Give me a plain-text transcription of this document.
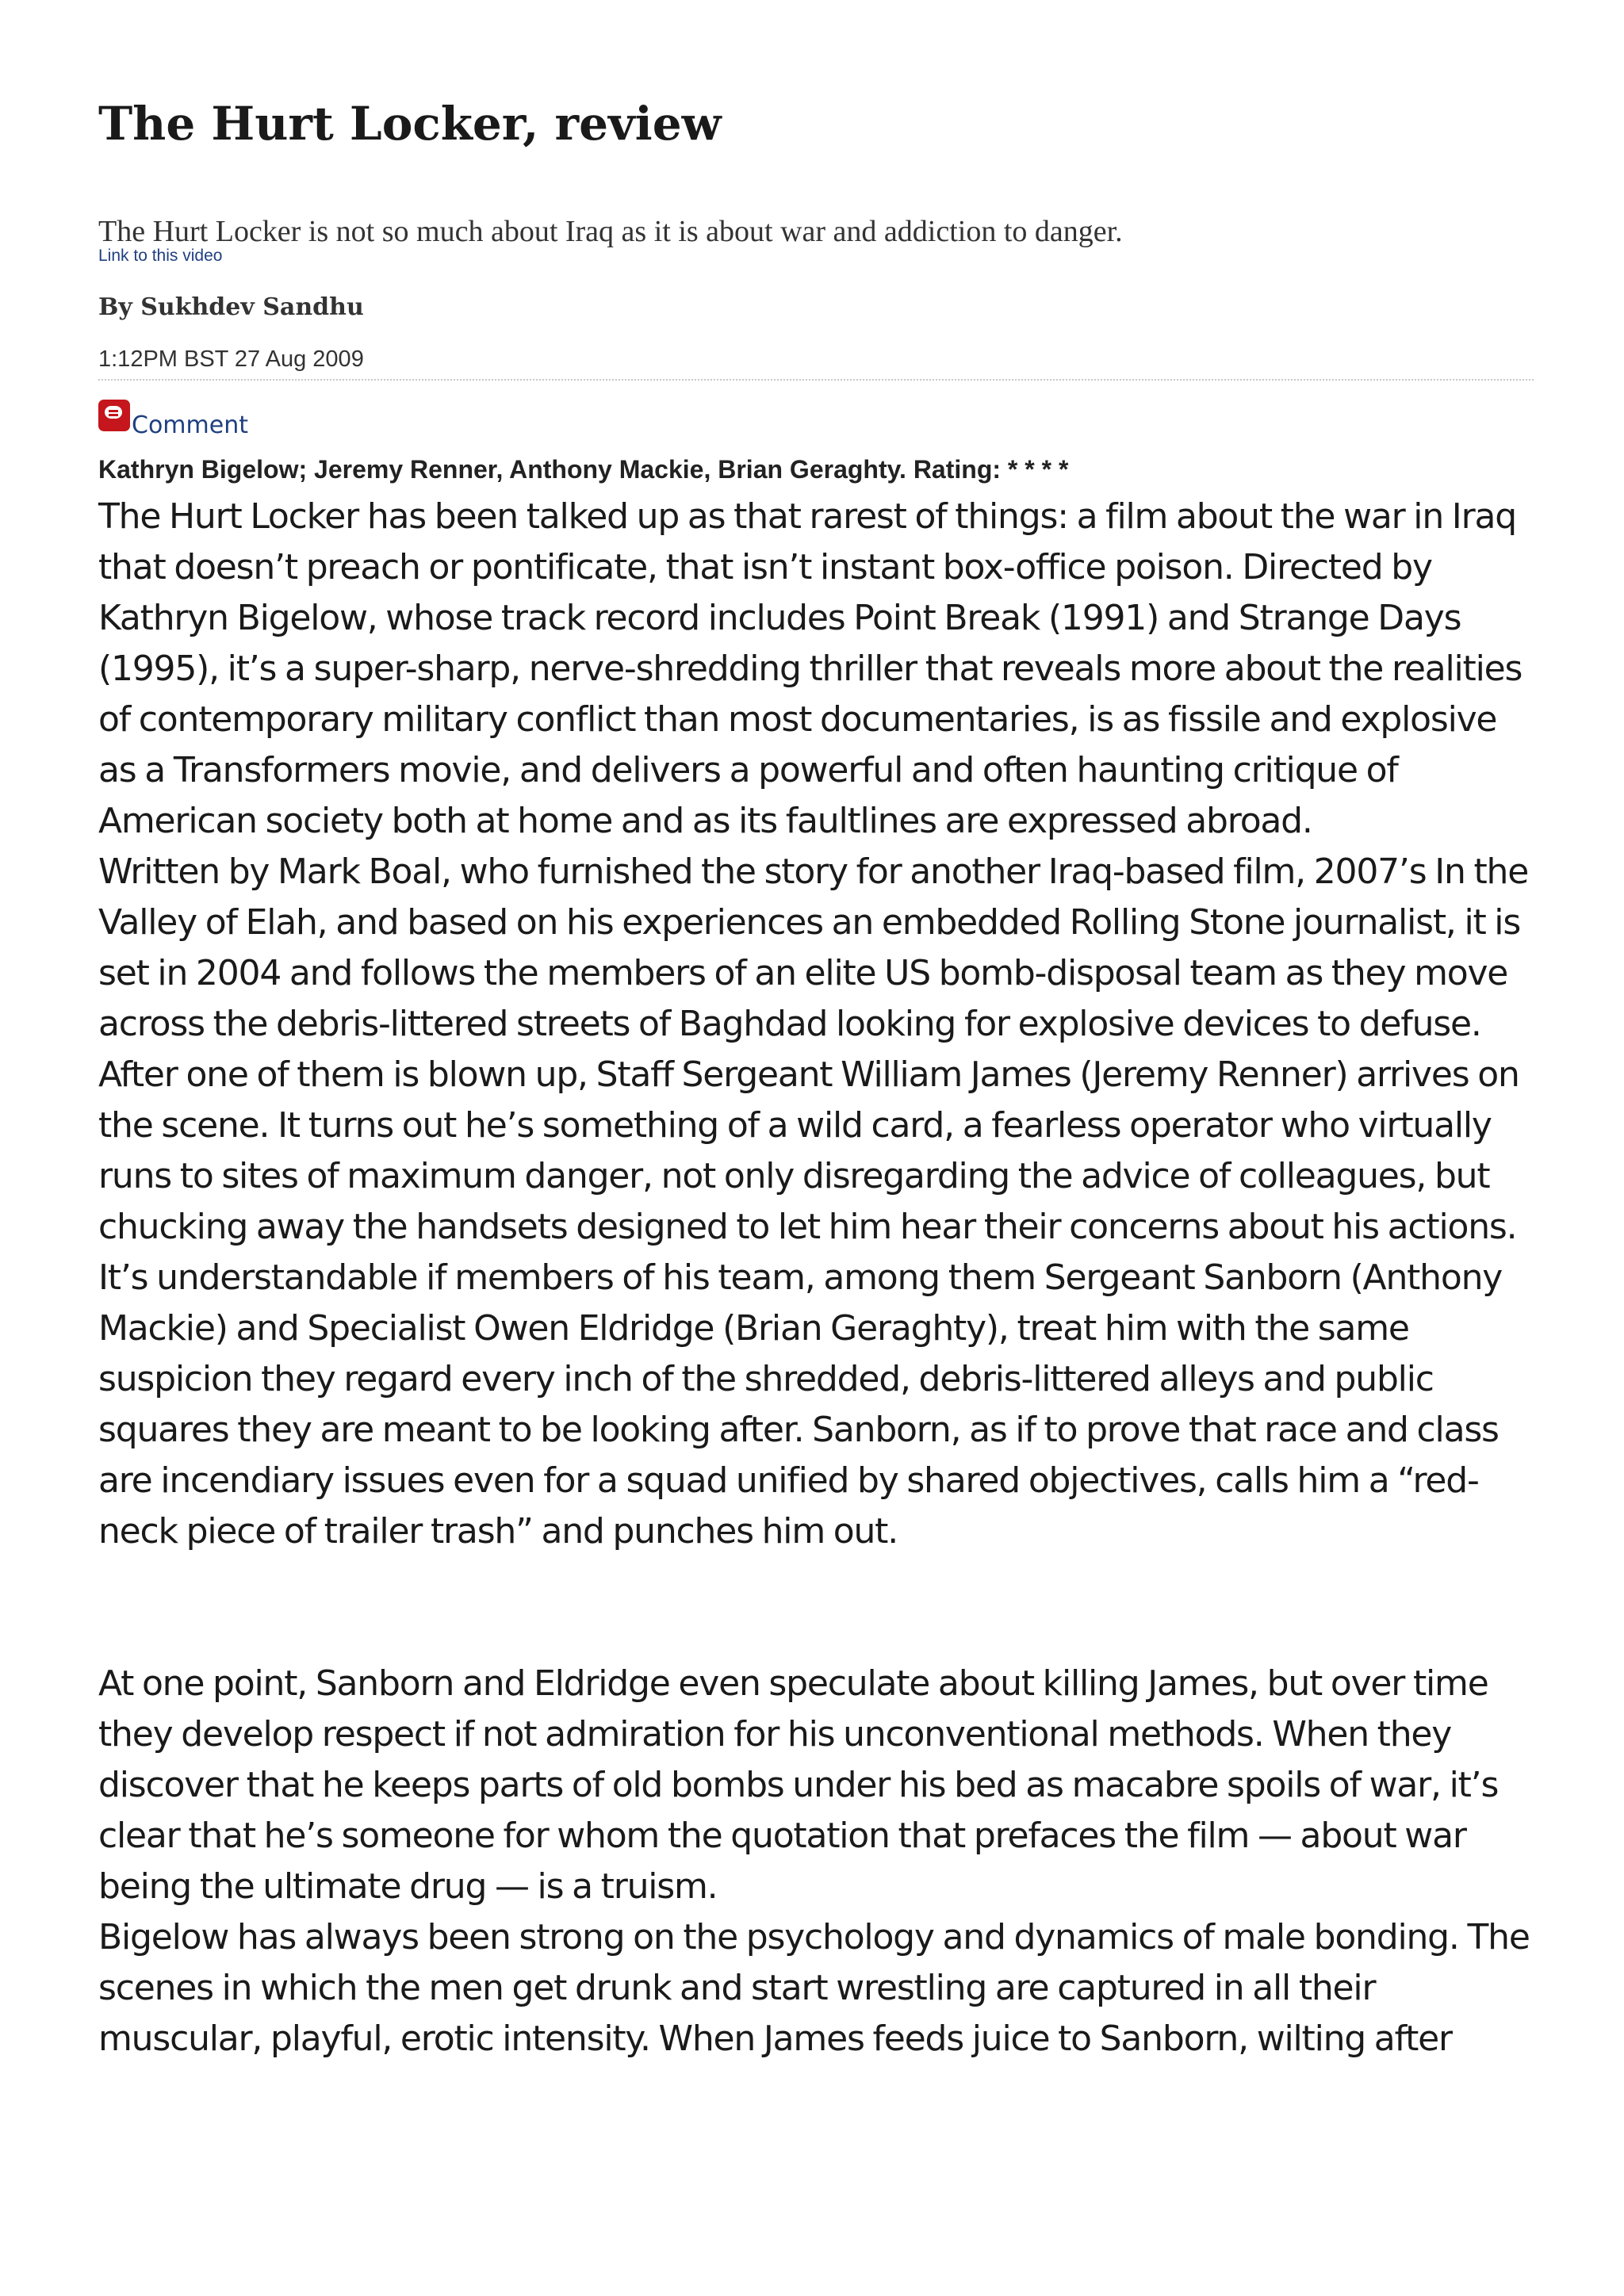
The Hurt Locker, review
The Hurt Locker is not so much about Iraq as it is about war and addiction to danger.
Link to this video
By Sukhdev Sandhu
1:12PM BST 27 Aug 2009
Comment
Kathryn Bigelow; Jeremy Renner, Anthony Mackie, Brian Geraghty. Rating: * * * *

The Hurt Locker has been talked up as that rarest of things: a film about the war in Iraq that doesn’t preach or pontificate, that isn’t instant box-office poison. Directed by Kathryn Bigelow, whose track record includes Point Break (1991) and Strange Days (1995), it’s a super-sharp, nerve-shredding thriller that reveals more about the realities of contemporary military conflict than most documentaries, is as fissile and explosive as a Transformers movie, and delivers a powerful and often haunting critique of American society both at home and as its faultlines are expressed abroad.

Written by Mark Boal, who furnished the story for another Iraq-based film, 2007’s In the Valley of Elah, and based on his experiences an embedded Rolling Stone journalist, it is set in 2004 and follows the members of an elite US bomb-disposal team as they move across the debris-littered streets of Baghdad looking for explosive devices to defuse.

After one of them is blown up, Staff Sergeant William James (Jeremy Renner) arrives on the scene. It turns out he’s something of a wild card, a fearless operator who virtually runs to sites of maximum danger, not only disregarding the advice of colleagues, but chucking away the handsets designed to let him hear their concerns about his actions.

It’s understandable if members of his team, among them Sergeant Sanborn (Anthony Mackie) and Specialist Owen Eldridge (Brian Geraghty), treat him with the same suspicion they regard every inch of the shredded, debris-littered alleys and public squares they are meant to be looking after. Sanborn, as if to prove that race and class are incendiary issues even for a squad unified by shared objectives, calls him a “red-neck piece of trailer trash” and punches him out.

At one point, Sanborn and Eldridge even speculate about killing James, but over time they develop respect if not admiration for his unconventional methods. When they discover that he keeps parts of old bombs under his bed as macabre spoils of war, it’s clear that he’s someone for whom the quotation that prefaces the film — about war being the ultimate drug — is a truism.

Bigelow has always been strong on the psychology and dynamics of male bonding. The scenes in which the men get drunk and start wrestling are captured in all their muscular, playful, erotic intensity. When James feeds juice to Sanborn, wilting after
